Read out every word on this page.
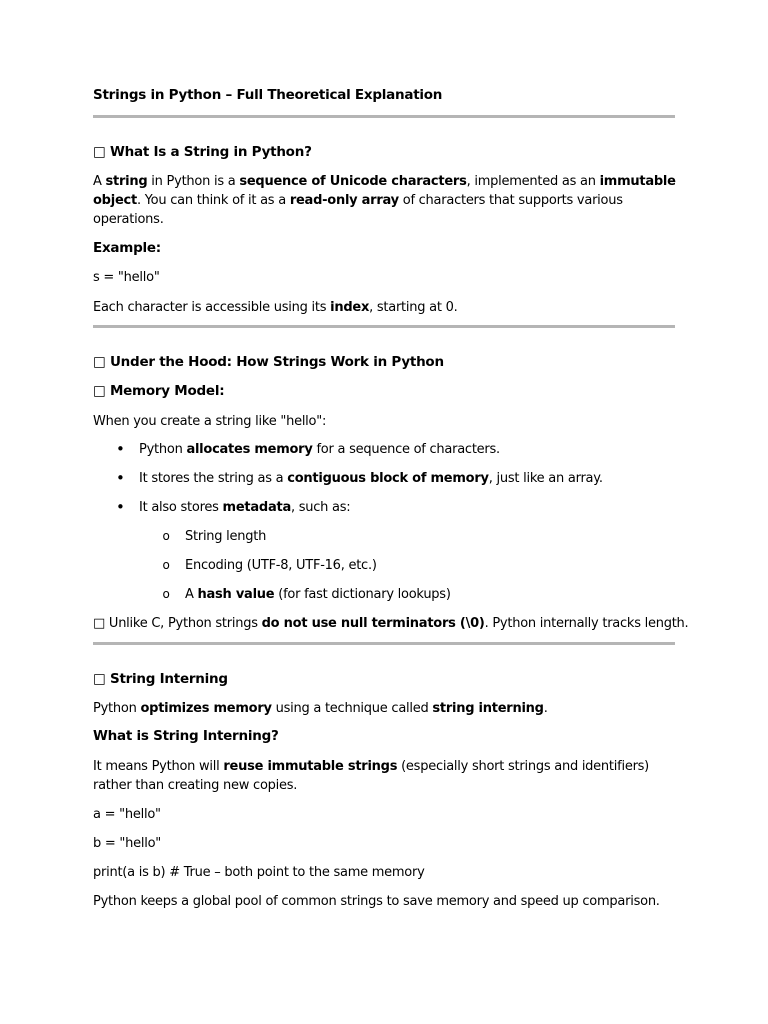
Strings in Python – Full Theoretical Explanation

□ What Is a String in Python?

A string in Python is a sequence of Unicode characters, implemented as an immutable object. You can think of it as a read-only array of characters that supports various operations.

Example:

s = "hello"

Each character is accessible using its index, starting at 0.

□ Under the Hood: How Strings Work in Python

□ Memory Model:

When you create a string like "hello":

• Python allocates memory for a sequence of characters.

• It stores the string as a contiguous block of memory, just like an array.

• It also stores metadata, such as:

o String length

o Encoding (UTF-8, UTF-16, etc.)

o A hash value (for fast dictionary lookups)

□ Unlike C, Python strings do not use null terminators (\0). Python internally tracks length.

□ String Interning

Python optimizes memory using a technique called string interning.

What is String Interning?

It means Python will reuse immutable strings (especially short strings and identifiers) rather than creating new copies.

a = "hello"

b = "hello"

print(a is b) # True – both point to the same memory

Python keeps a global pool of common strings to save memory and speed up comparison.
